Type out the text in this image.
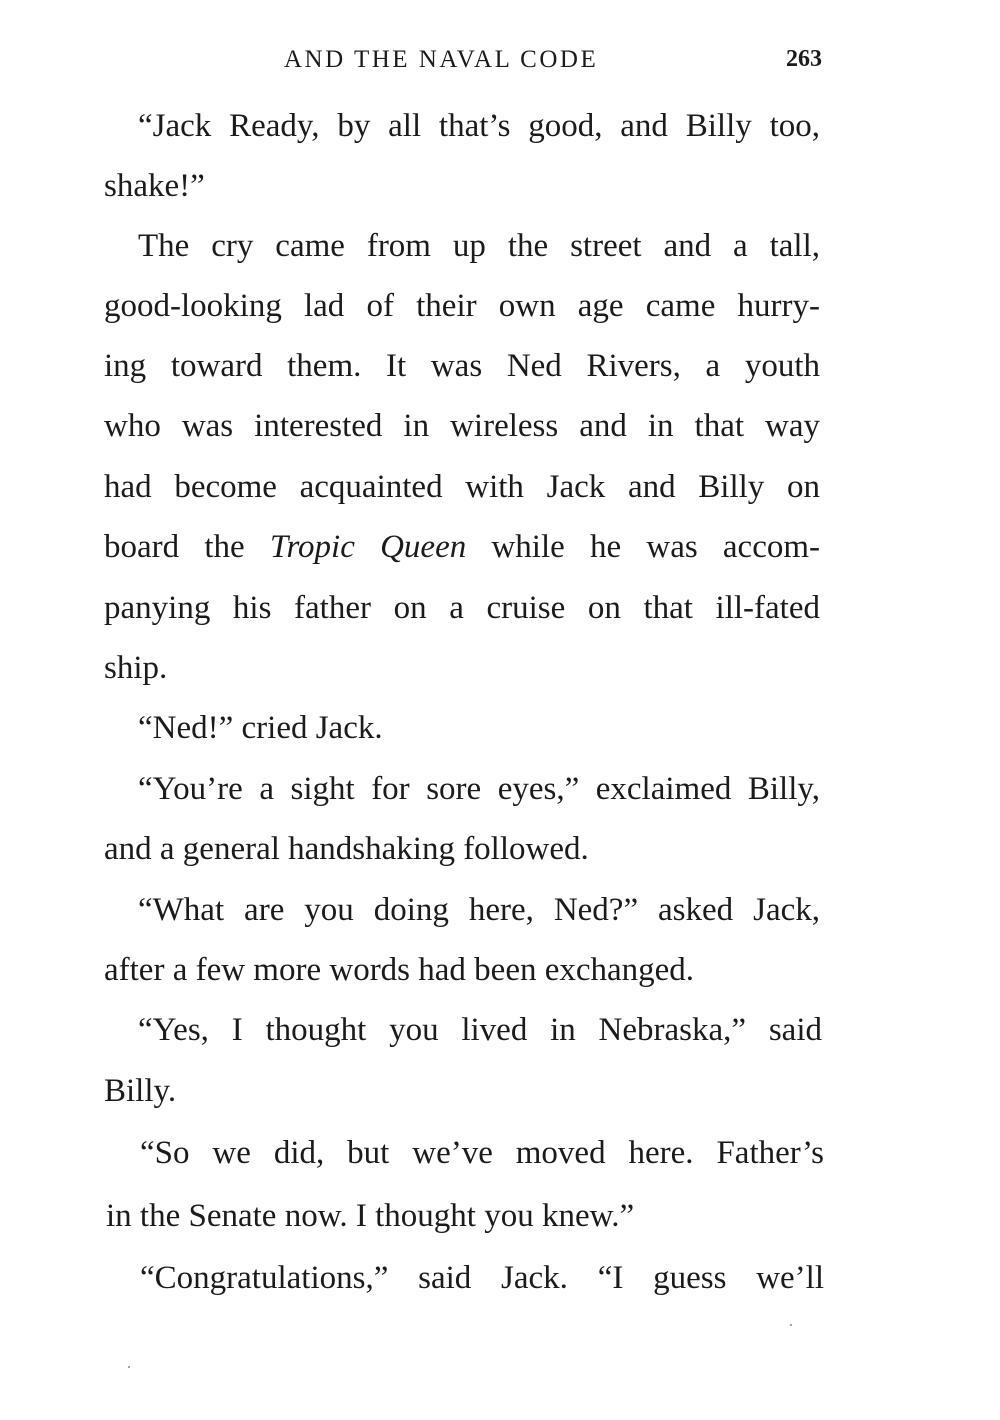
AND THE NAVAL CODE	263
“Jack Ready, by all that’s good, and Billy too,
shake!”
The cry came from up the street and a tall,
good-looking lad of their own age came hurry-
ing toward them. It was Ned Rivers, a youth
who was interested in wireless and in that way
had become acquainted with Jack and Billy on
board the Tropic Queen while he was accom-
panying his father on a cruise on that ill-fated
ship.
“Ned!” cried Jack.
“You’re a sight for sore eyes,” exclaimed Billy,
and a general handshaking followed.
“What are you doing here, Ned?” asked Jack,
after a few more words had been exchanged.
“Yes, I thought you lived in Nebraska,” said
Billy.
“So we did, but we’ve moved here. Father’s
in the Senate now. I thought you knew.”
“Congratulations,” said Jack. “I guess we’ll
